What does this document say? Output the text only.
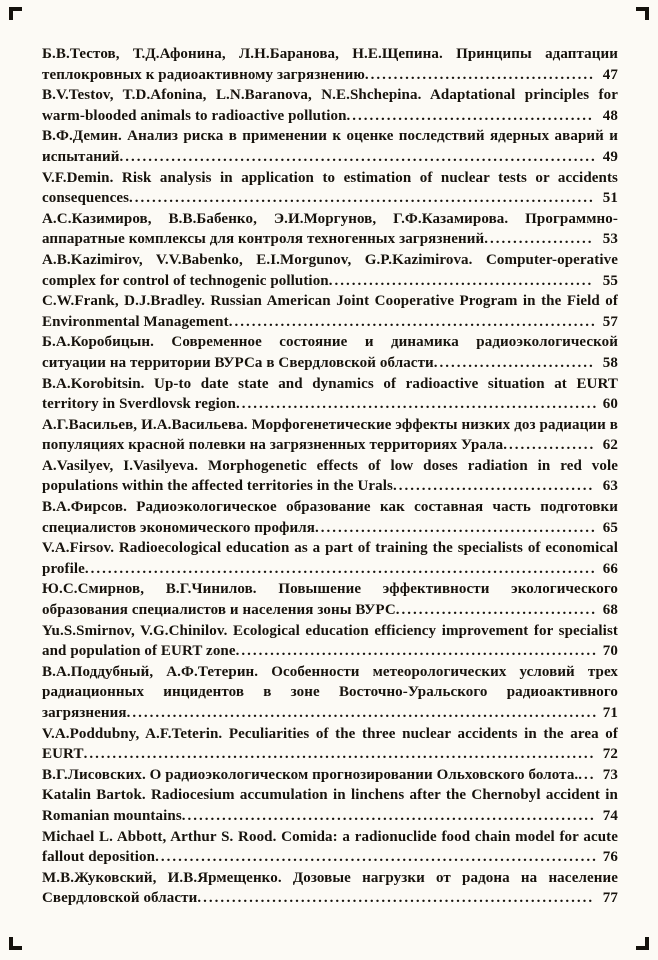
Б.В.Тестов, Т.Д.Афонина, Л.Н.Баранова, Н.Е.Щепина. Принципы адаптации теплокровных к радиоактивному загрязнению........................................ 47
B.V.Testov, T.D.Afonina, L.N.Baranova, N.E.Shchepina. Adaptational principles for warm-blooded animals to radioactive pollution........................................... 48
В.Ф.Демин. Анализ риска в применении к оценке последствий ядерных аварий и испытаний................................................................................... 49
V.F.Demin. Risk analysis in application to estimation of nuclear tests or accidents consequences................................................................................. 51
А.С.Казимиров, В.В.Бабенко, Э.И.Моргунов, Г.Ф.Казамирова. Программно-аппаратные комплексы для контроля техногенных загрязнений................... 53
A.B.Kazimirov, V.V.Babenko, E.I.Morgunov, G.P.Kazimirova. Computer-operative complex for control of technogenic pollution.............................................. 55
C.W.Frank, D.J.Bradley. Russian American Joint Cooperative Program in the Field of Environmental Management................................................................ 57
Б.А.Коробицын. Современное состояние и динамика радиоэкологической ситуации на территории ВУРСа в Свердловской области............................ 58
B.A.Korobitsin. Up-to date state and dynamics of radioactive situation at EURT territory in Sverdlovsk region............................................................... 60
А.Г.Васильев, И.А.Васильева. Морфогенетические эффекты низких доз радиации в популяциях красной полевки на загрязненных территориях Урала................ 62
A.Vasilyev, I.Vasilyeva. Morphogenetic effects of low doses radiation in red vole populations within the affected territories in the Urals................................... 63
В.А.Фирсов. Радиоэкологическое образование как составная часть подготовки специалистов экономического профиля................................................. 65
V.A.Firsov. Radioecological education as a part of training the specialists of economical profile......................................................................................... 66
Ю.С.Смирнов, В.Г.Чинилов. Повышение эффективности экологического образования специалистов и населения зоны ВУРС................................... 68
Yu.S.Smirnov, V.G.Chinilov. Ecological education efficiency improvement for specialist and population of EURT zone............................................................... 70
В.А.Поддубный, А.Ф.Тетерин. Особенности метеорологических условий трех радиационных инцидентов в зоне Восточно-Уральского радиоактивного загрязнения.................................................................................. 71
V.A.Poddubny, A.F.Teterin. Peculiarities of the three nuclear accidents in the area of EURT......................................................................................... 72
В.Г.Лисовских. О радиоэкологическом прогнозировании Ольховского болота.... 73
Katalin Bartok. Radiocesium accumulation in linchens after the Chernobyl accident in Romanian mountains........................................................................ 74
Michael L. Abbott, Arthur S. Rood. Comida: a radionuclide food chain model for acute fallout deposition............................................................................. 76
М.В.Жуковский, И.В.Ярмещенко. Дозовые нагрузки от радона на население Свердловской области..................................................................... 77
